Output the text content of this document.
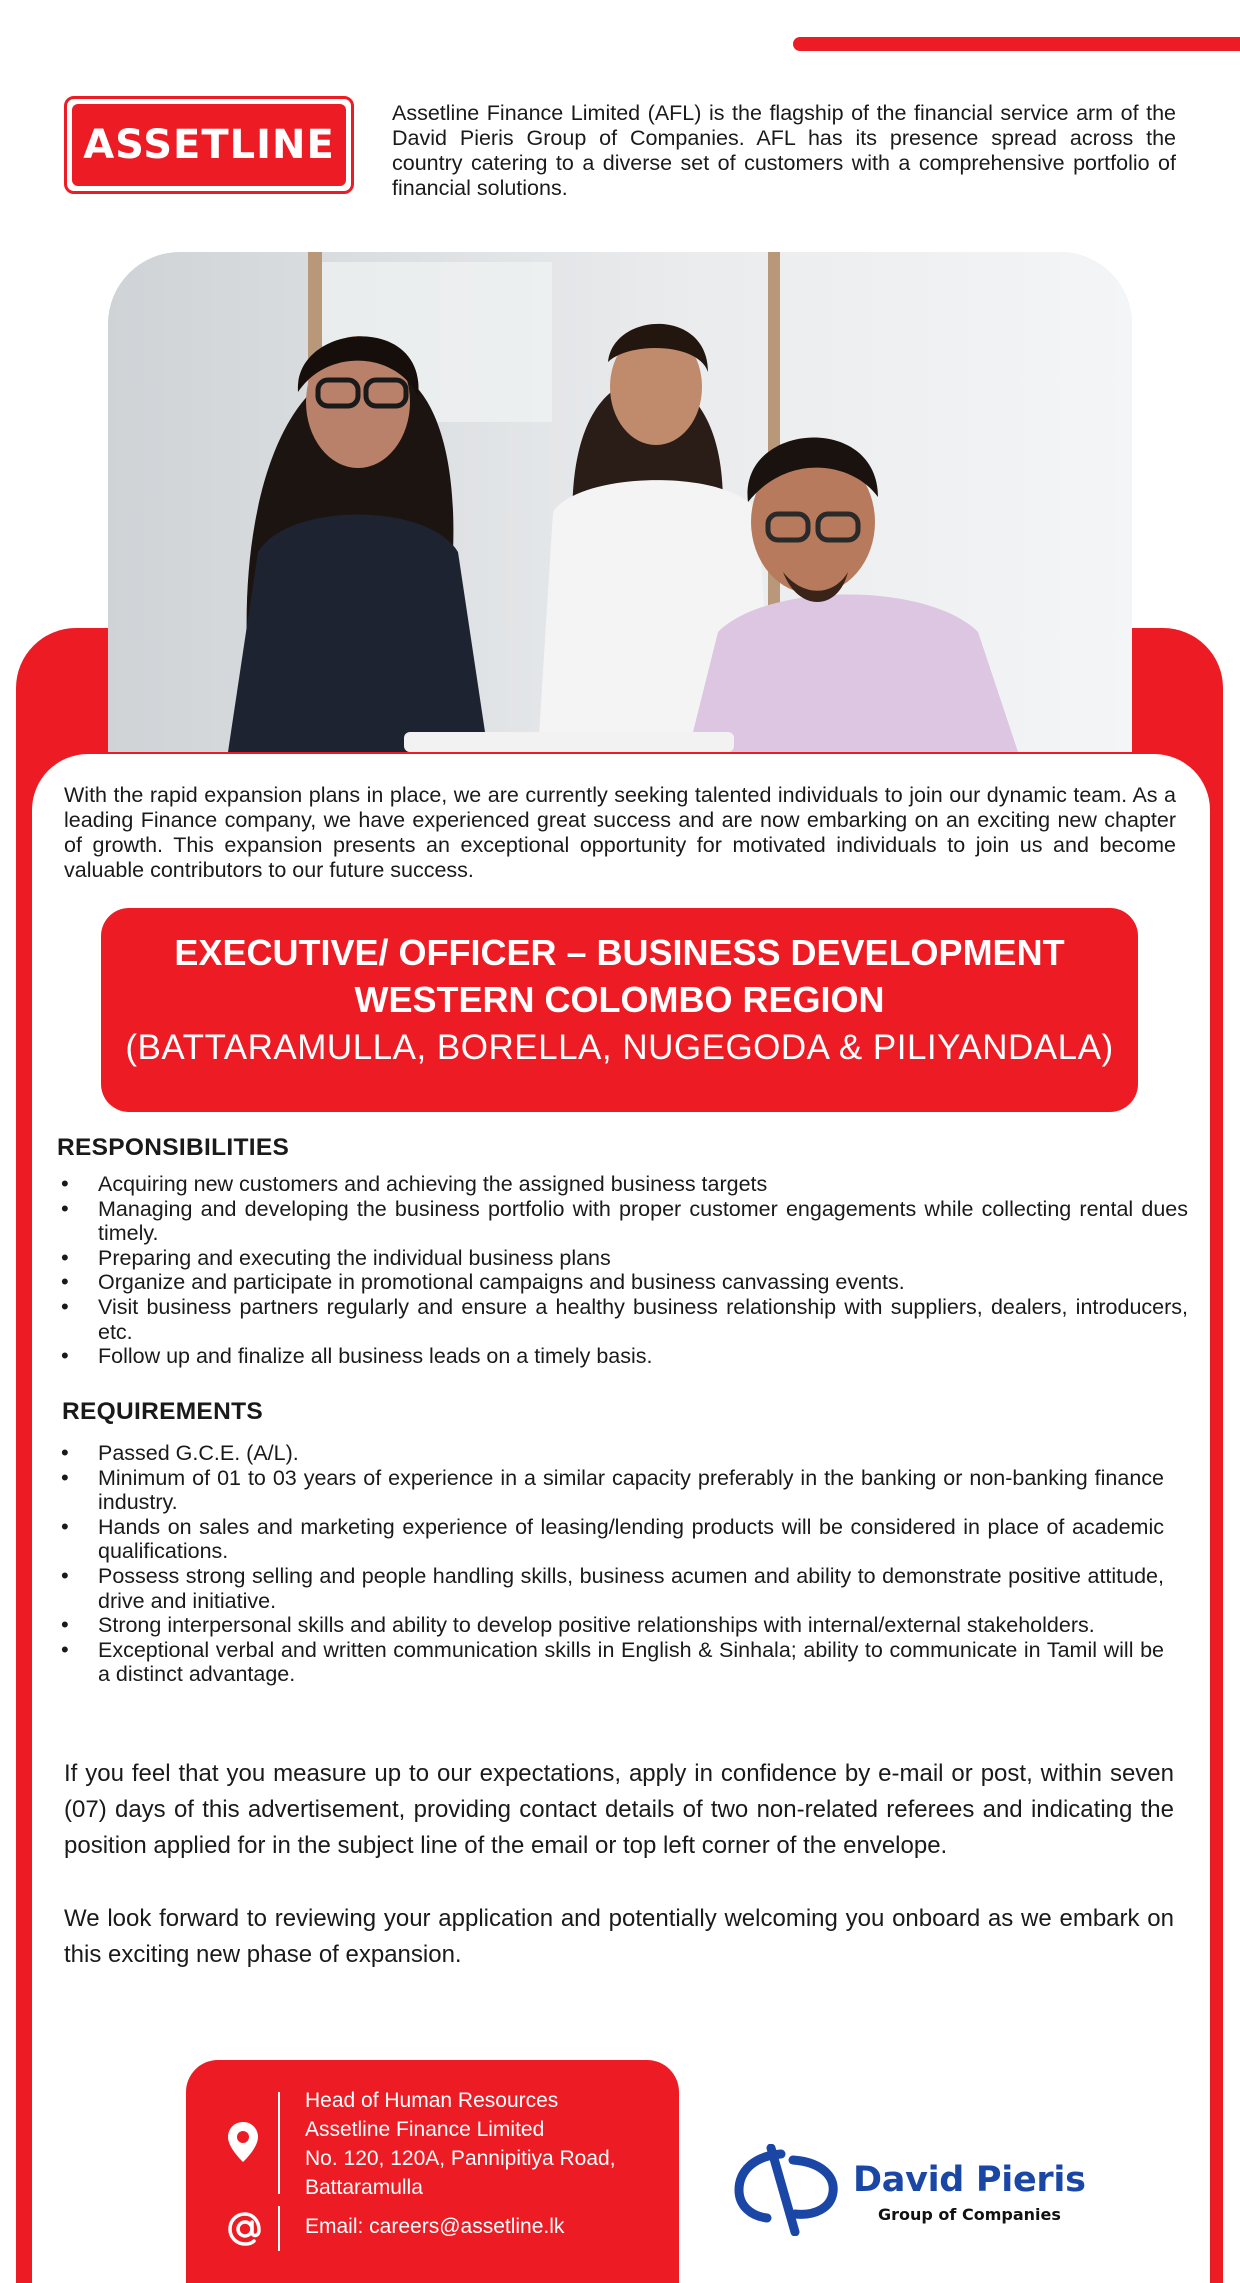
ASSETLINE

Assetline Finance Limited (AFL) is the flagship of the financial service arm of the David Pieris Group of Companies. AFL has its presence spread across the country catering to a diverse set of customers with a comprehensive portfolio of financial solutions.

With the rapid expansion plans in place, we are currently seeking talented individuals to join our dynamic team. As a leading Finance company, we have experienced great success and are now embarking on an exciting new chapter of growth. This expansion presents an exceptional opportunity for motivated individuals to join us and become valuable contributors to our future success.

EXECUTIVE/ OFFICER – BUSINESS DEVELOPMENT
WESTERN COLOMBO REGION
(BATTARAMULLA, BORELLA, NUGEGODA & PILIYANDALA)
RESPONSIBILITIES
• Acquiring new customers and achieving the assigned business targets
• Managing and developing the business portfolio with proper customer engagements while collecting rental dues timely.
• Preparing and executing the individual business plans
• Organize and participate in promotional campaigns and business canvassing events.
• Visit business partners regularly and ensure a healthy business relationship with suppliers, dealers, introducers, etc.
• Follow up and finalize all business leads on a timely basis.
REQUIREMENTS
• Passed G.C.E. (A/L).
• Minimum of 01 to 03 years of experience in a similar capacity preferably in the banking or non-banking finance industry.
• Hands on sales and marketing experience of leasing/lending products will be considered in place of academic qualifications.
• Possess strong selling and people handling skills, business acumen and ability to demonstrate positive attitude, drive and initiative.
• Strong interpersonal skills and ability to develop positive relationships with internal/external stakeholders.
• Exceptional verbal and written communication skills in English & Sinhala; ability to communicate in Tamil will be a distinct advantage.

If you feel that you measure up to our expectations, apply in confidence by e-mail or post, within seven (07) days of this advertisement, providing contact details of two non-related referees and indicating the position applied for in the subject line of the email or top left corner of the envelope.

We look forward to reviewing your application and potentially welcoming you onboard as we embark on this exciting new phase of expansion.

Head of Human Resources
Assetline Finance Limited
No. 120, 120A, Pannipitiya Road,
Battaramulla
Email: careers@assetline.lk
David Pieris
Group of Companies
